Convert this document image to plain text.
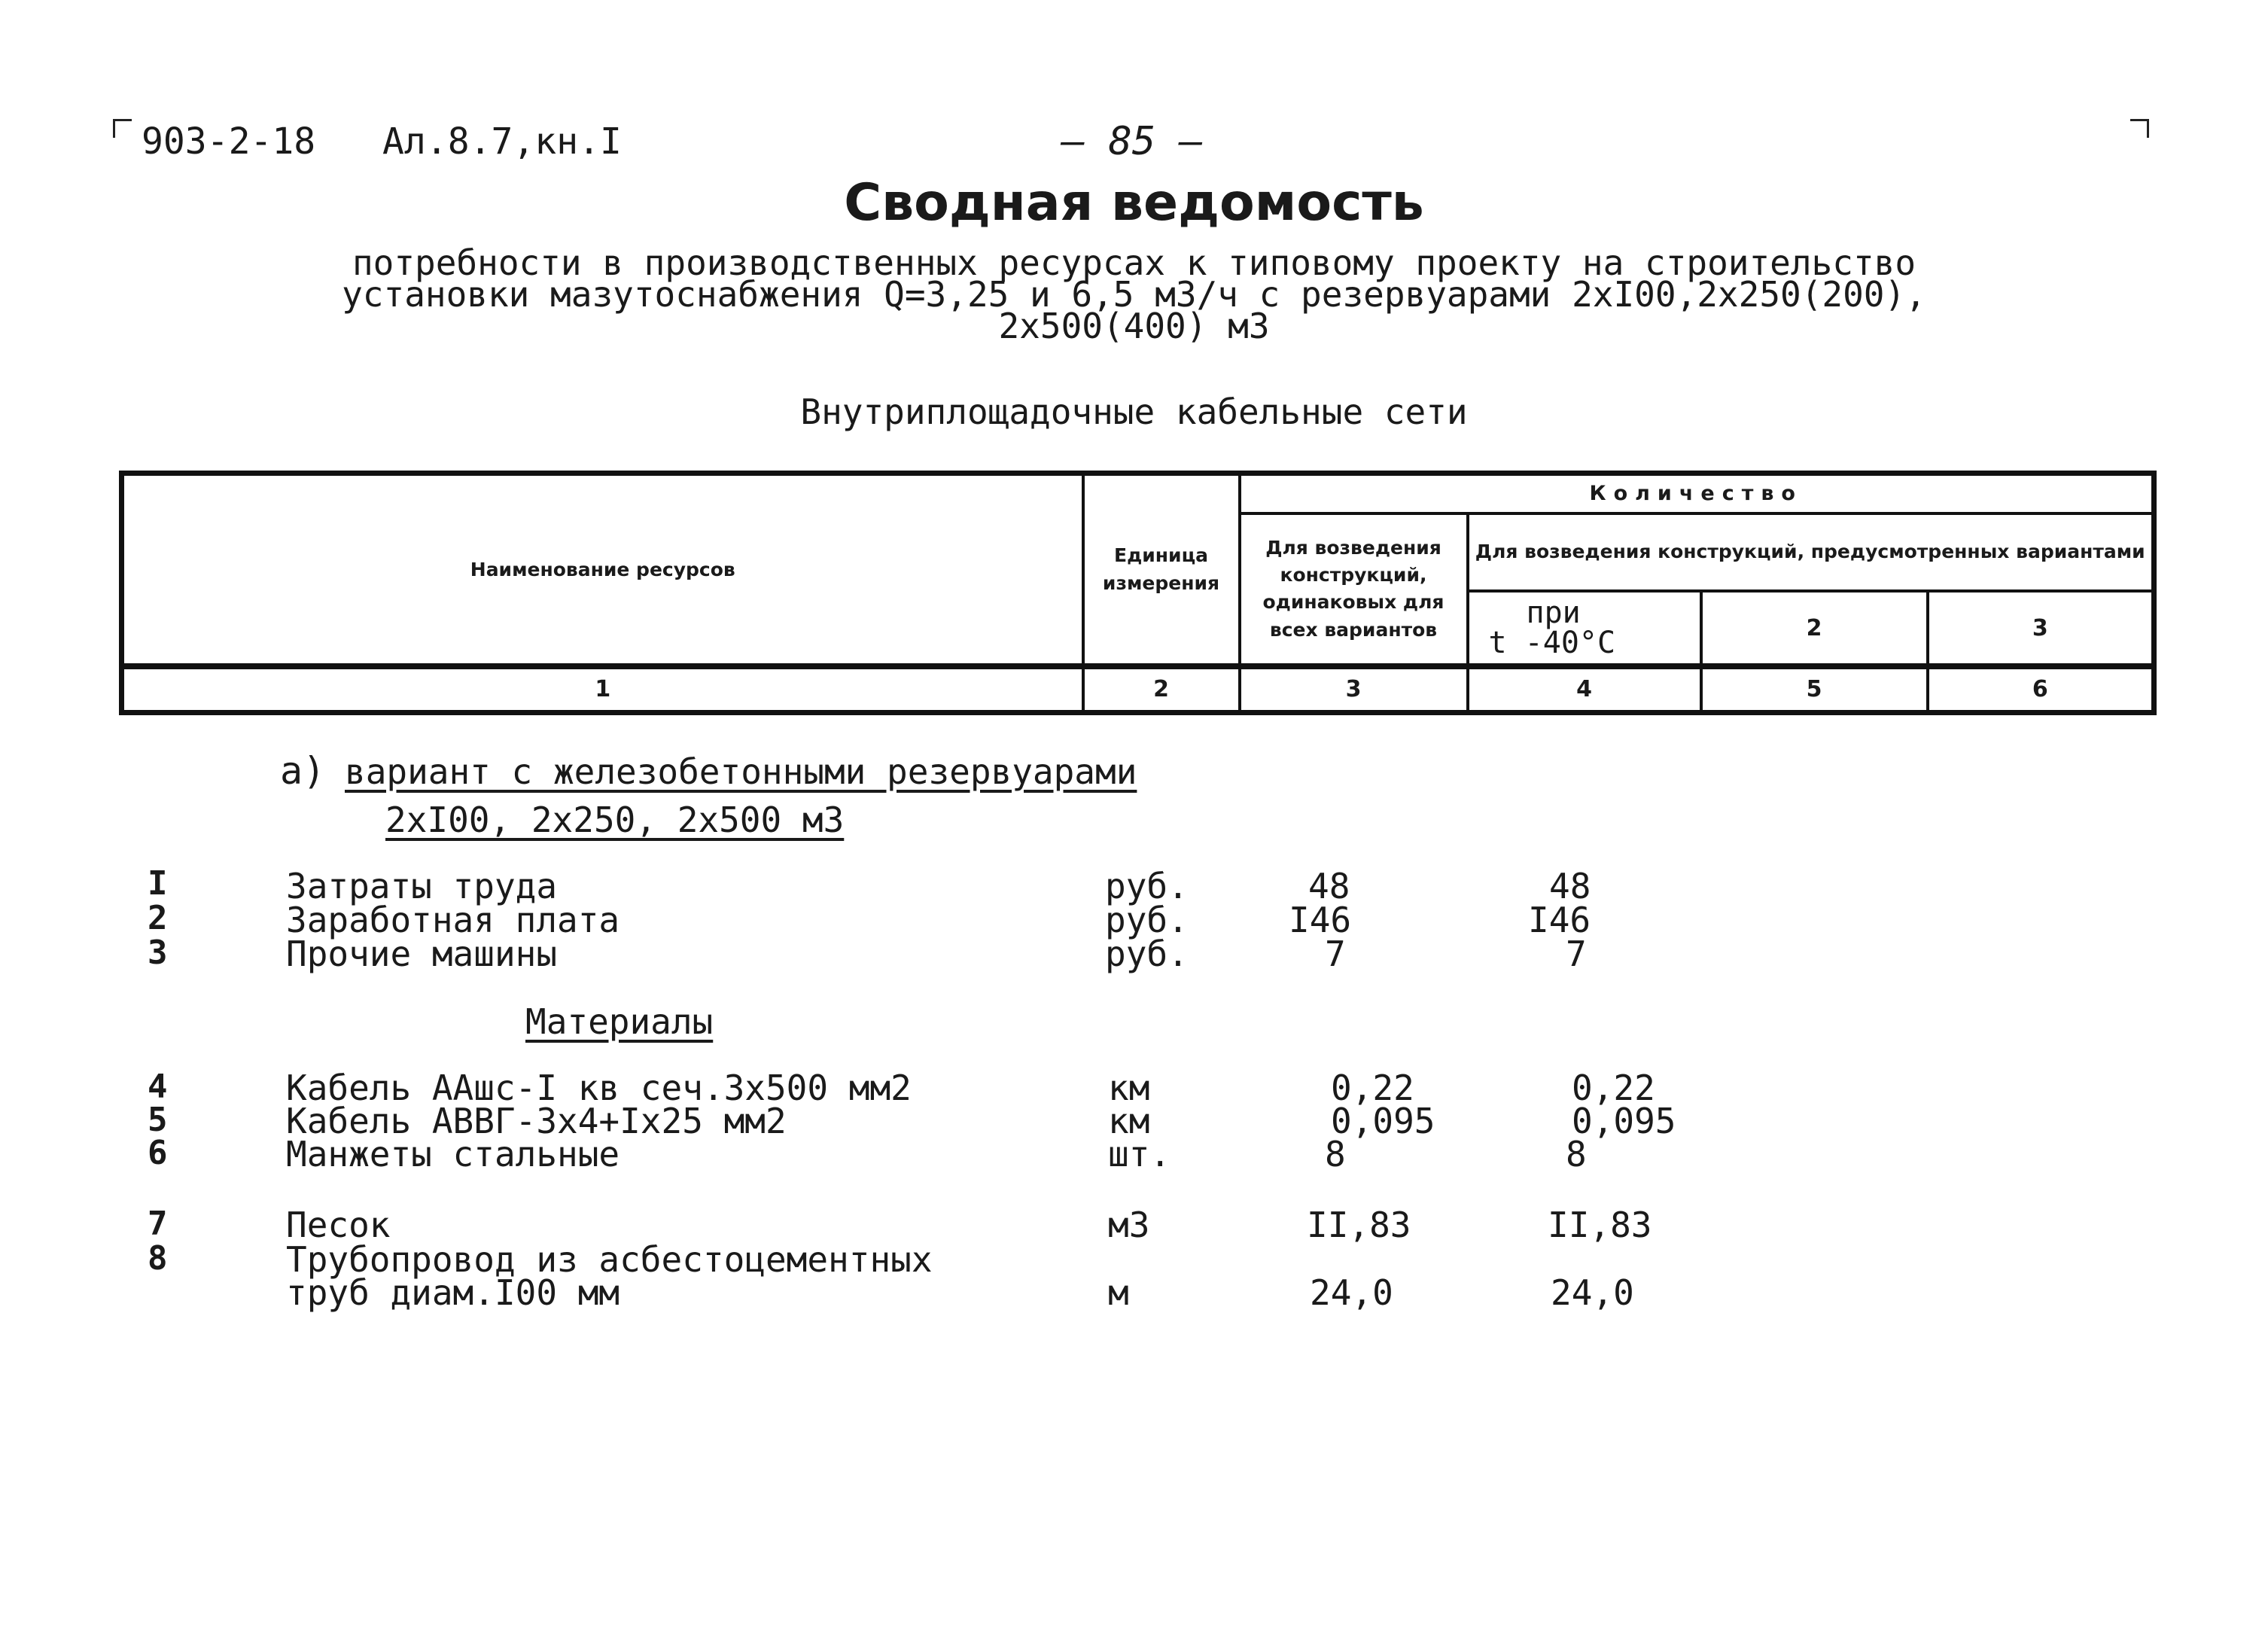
903-2-18 Ал.8.7,кн.I	— 85 —
Сводная ведомость
потребности в производственных ресурсах к типовому проекту на строительство
установки мазутоснабжения Q=3,25 и 6,5 м3/ч с резервуарами 2хI00,2х250(200),
2х500(400) м3
Внутриплощадочные кабельные сети
Наименование ресурсов	Единица измерения	Количество			
		Для возведения конструкций, одинаковых для всех вариантов	Для возведения конструкций, предусмотренных вариантами		

			при
t -40°C	2	3
1	2	3	4	5	6
а) вариант с железобетонными резервуарами
2хI00, 2х250, 2х500 м3
I	Затраты труда	руб.	48	48
2	Заработная плата	руб.	I46	I46
3	Прочие машины	руб.	7	7
Материалы
4	Кабель ААшс-I кв сеч.3х500 мм2	км	0,22	0,22
5	Кабель АВВГ-3х4+Iх25 мм2	км	0,095	0,095
6	Манжеты стальные	шт.	8	8
7	Песок	м3	II,83	II,83
8	Трубопровод из асбестоцементных
труб диам.I00 мм	м	24,0	24,0
